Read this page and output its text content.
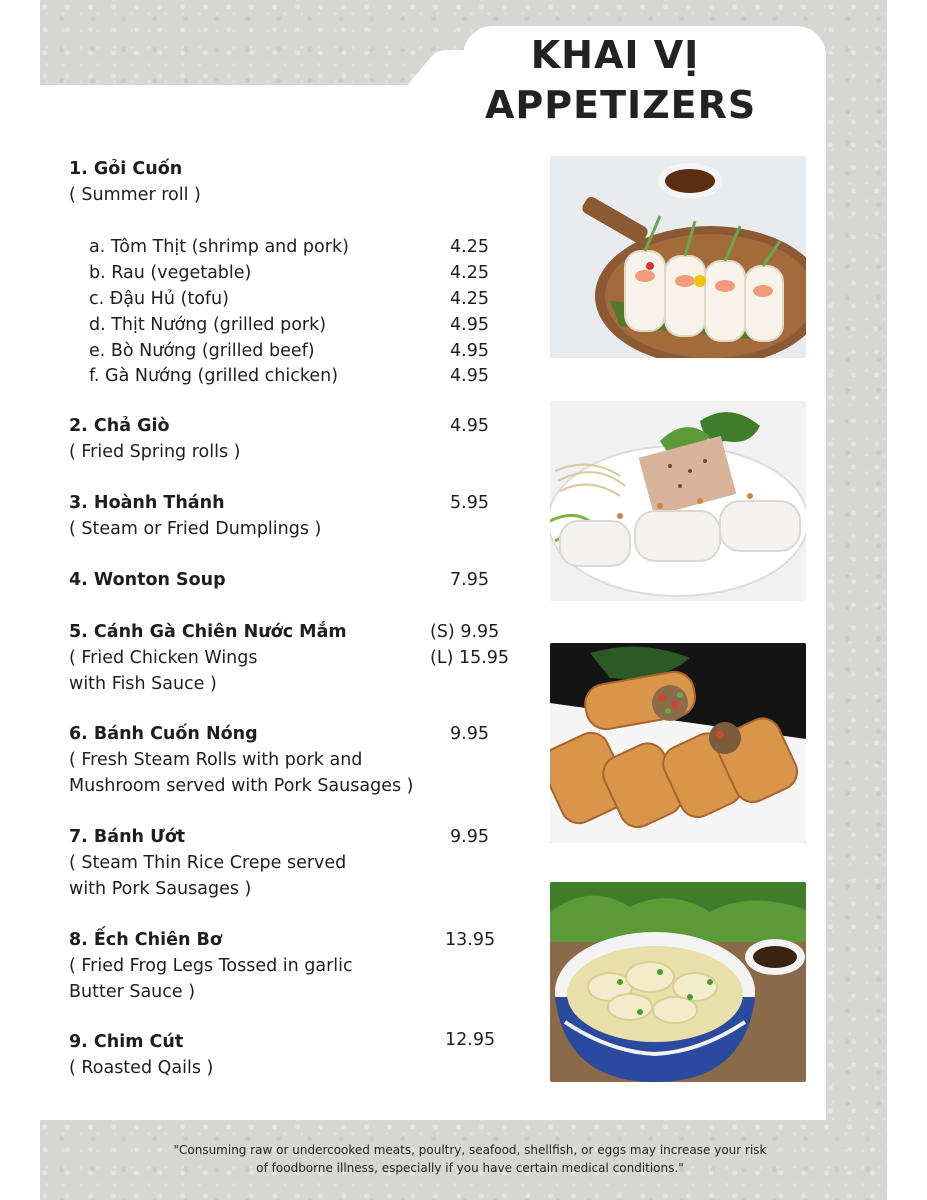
KHAI VỊ
APPETIZERS
1. Gỏi Cuốn
( Summer roll )
a. Tôm Thịt (shrimp and pork)	4.25
b. Rau (vegetable)	4.25
c. Đậu Hủ (tofu)	4.25
d. Thịt Nướng (grilled pork)	4.95
e. Bò Nướng (grilled beef)	4.95
f. Gà Nướng (grilled chicken)	4.95
2. Chả Giò	4.95
( Fried Spring rolls )
3. Hoành Thánh	5.95
( Steam or Fried Dumplings )
4. Wonton Soup	7.95
5. Cánh Gà Chiên Nước Mắm	(S) 9.95
( Fried Chicken Wings	(L) 15.95
with Fish Sauce )
6. Bánh Cuốn Nóng	9.95
( Fresh Steam Rolls with pork and
Mushroom served with Pork Sausages )
7. Bánh Ướt	9.95
( Steam Thin Rice Crepe served
with Pork Sausages )
8. Ếch Chiên Bơ	13.95
( Fried Frog Legs Tossed in garlic
Butter Sauce )
9. Chim Cút	12.95
( Roasted Qails )
"Consuming raw or undercooked meats, poultry, seafood, shellfish, or eggs may increase your risk
of foodborne illness, especially if you have certain medical conditions."
